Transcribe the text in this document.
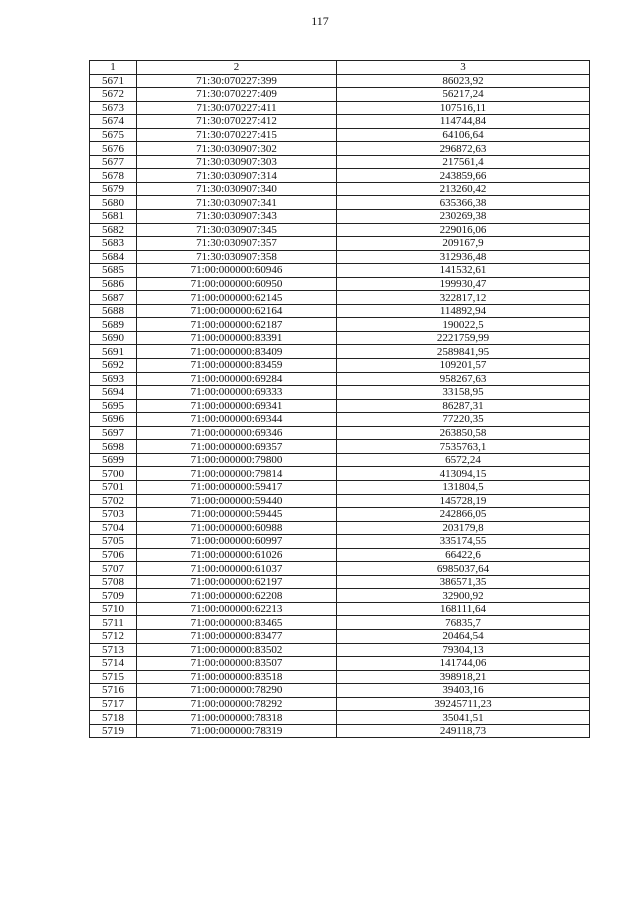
117
1	2	3
5671	71:30:070227:399	86023,92
5672	71:30:070227:409	56217,24
5673	71:30:070227:411	107516,11
5674	71:30:070227:412	114744,84
5675	71:30:070227:415	64106,64
5676	71:30:030907:302	296872,63
5677	71:30:030907:303	217561,4
5678	71:30:030907:314	243859,66
5679	71:30:030907:340	213260,42
5680	71:30:030907:341	635366,38
5681	71:30:030907:343	230269,38
5682	71:30:030907:345	229016,06
5683	71:30:030907:357	209167,9
5684	71:30:030907:358	312936,48
5685	71:00:000000:60946	141532,61
5686	71:00:000000:60950	199930,47
5687	71:00:000000:62145	322817,12
5688	71:00:000000:62164	114892,94
5689	71:00:000000:62187	190022,5
5690	71:00:000000:83391	2221759,99
5691	71:00:000000:83409	2589841,95
5692	71:00:000000:83459	109201,57
5693	71:00:000000:69284	958267,63
5694	71:00:000000:69333	33158,95
5695	71:00:000000:69341	86287,31
5696	71:00:000000:69344	77220,35
5697	71:00:000000:69346	263850,58
5698	71:00:000000:69357	7535763,1
5699	71:00:000000:79800	6572,24
5700	71:00:000000:79814	413094,15
5701	71:00:000000:59417	131804,5
5702	71:00:000000:59440	145728,19
5703	71:00:000000:59445	242866,05
5704	71:00:000000:60988	203179,8
5705	71:00:000000:60997	335174,55
5706	71:00:000000:61026	66422,6
5707	71:00:000000:61037	6985037,64
5708	71:00:000000:62197	386571,35
5709	71:00:000000:62208	32900,92
5710	71:00:000000:62213	168111,64
5711	71:00:000000:83465	76835,7
5712	71:00:000000:83477	20464,54
5713	71:00:000000:83502	79304,13
5714	71:00:000000:83507	141744,06
5715	71:00:000000:83518	398918,21
5716	71:00:000000:78290	39403,16
5717	71:00:000000:78292	39245711,23
5718	71:00:000000:78318	35041,51
5719	71:00:000000:78319	249118,73
